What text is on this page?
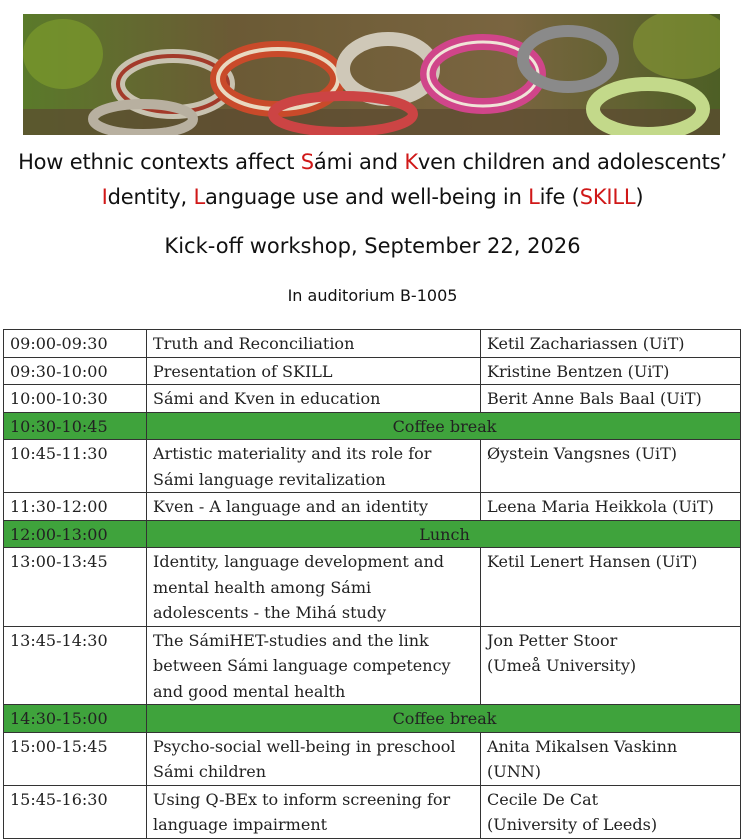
How ethnic contexts affect Sámi and Kven children and adolescents’
Identity, Language use and well-being in Life (SKILL)
Kick-off workshop, September 22, 2026
In auditorium B-1005
09:00-09:30	Truth and Reconciliation	Ketil Zachariassen (UiT)

09:30-10:00	Presentation of SKILL	Kristine Bentzen (UiT)

10:00-10:30	Sámi and Kven in education	Berit Anne Bals Baal (UiT)

10:30-10:45	Coffee break	
10:45-11:30	Artistic materiality and its role for
Sámi language revitalization	Øystein Vangsnes (UiT)

11:30-12:00	Kven - A language and an identity	Leena Maria Heikkola (UiT)

12:00-13:00	Lunch	
13:00-13:45	Identity, language development and
mental health among Sámi
adolescents - the Mihá study	Ketil Lenert Hansen (UiT)

13:45-14:30	The SámiHET-studies and the link
between Sámi language competency
and good mental health	Jon Petter Stoor
(Umeå University)

14:30-15:00	Coffee break	
15:00-15:45	Psycho-social well-being in preschool
Sámi children	Anita Mikalsen Vaskinn
(UNN)

15:45-16:30	Using Q-BEx to inform screening for
language impairment	Cecile De Cat
(University of Leeds)
